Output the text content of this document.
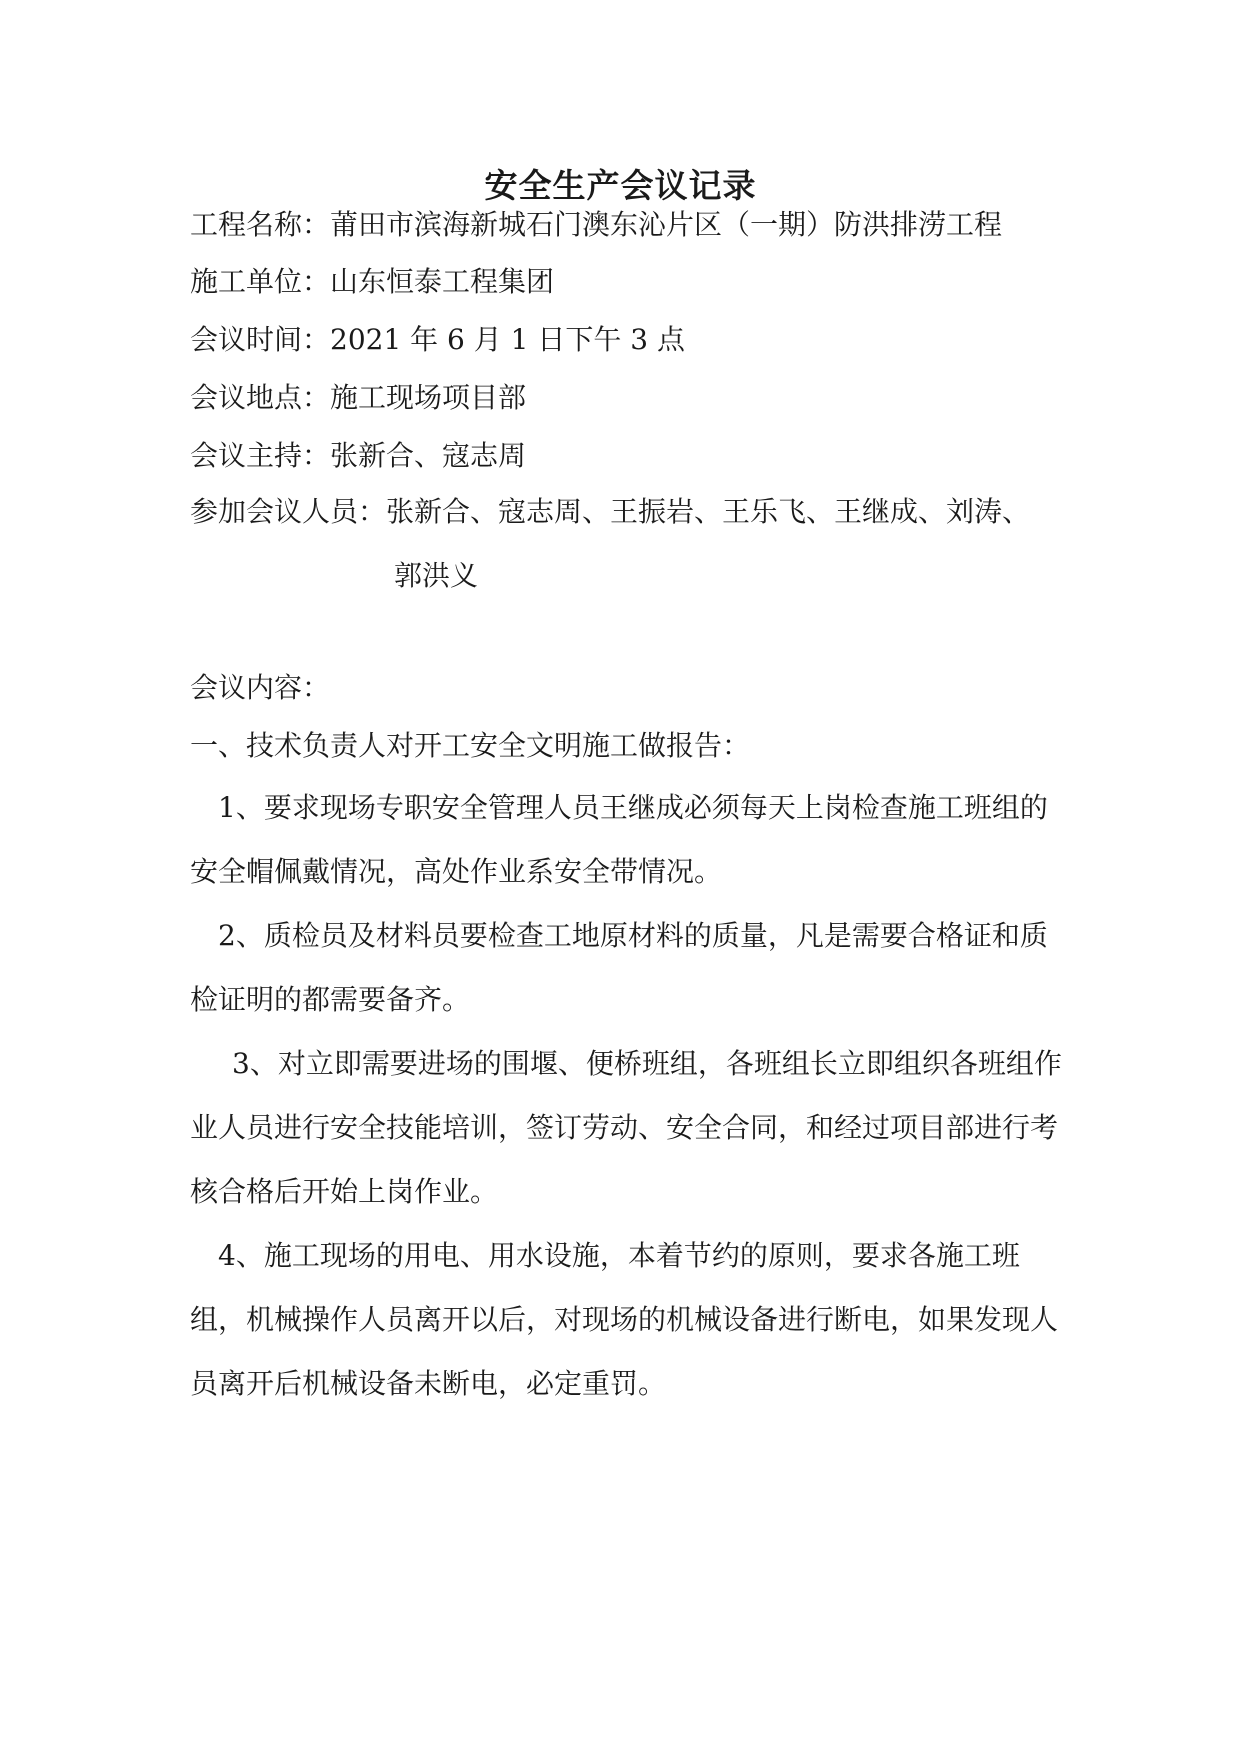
安全生产会议记录
工程名称：莆田市滨海新城石门澳东沁片区（一期）防洪排涝工程
施工单位：山东恒泰工程集团
会议时间：2021 年 6 月 1 日下午 3 点
会议地点：施工现场项目部
会议主持：张新合、寇志周
参加会议人员：张新合、寇志周、王振岩、王乐飞、王继成、刘涛、
郭洪义
会议内容：
一、技术负责人对开工安全文明施工做报告：
1、要求现场专职安全管理人员王继成必须每天上岗检查施工班组的安全帽佩戴情况，高处作业系安全带情况。
2、质检员及材料员要检查工地原材料的质量，凡是需要合格证和质检证明的都需要备齐。
3、对立即需要进场的围堰、便桥班组，各班组长立即组织各班组作业人员进行安全技能培训，签订劳动、安全合同，和经过项目部进行考核合格后开始上岗作业。
4、施工现场的用电、用水设施，本着节约的原则，要求各施工班组，机械操作人员离开以后，对现场的机械设备进行断电，如果发现人员离开后机械设备未断电，必定重罚。
